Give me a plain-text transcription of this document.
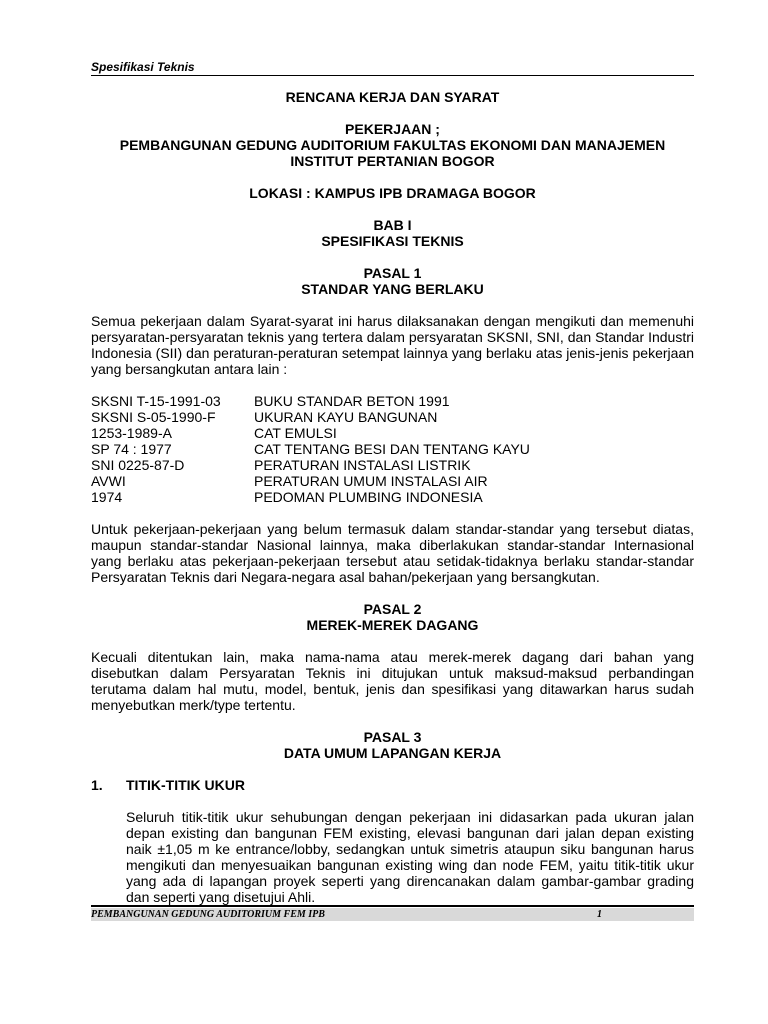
Spesifikasi Teknis

RENCANA KERJA DAN SYARAT

PEKERJAAN ;

PEMBANGUNAN GEDUNG AUDITORIUM FAKULTAS EKONOMI DAN MANAJEMEN

INSTITUT PERTANIAN BOGOR

LOKASI : KAMPUS IPB DRAMAGA BOGOR

BAB I

SPESIFIKASI TEKNIS

PASAL 1

STANDAR YANG BERLAKU

Semua pekerjaan dalam Syarat-syarat ini harus dilaksanakan dengan mengikuti dan memenuhi persyaratan-persyaratan teknis yang tertera dalam persyaratan SKSNI, SNI, dan Standar Industri Indonesia (SII) dan peraturan-peraturan setempat lainnya yang berlaku atas jenis-jenis pekerjaan yang bersangkutan antara lain :

SKSNI T-15-1991-03	BUKU STANDAR BETON 1991
SKSNI S-05-1990-F	UKURAN KAYU BANGUNAN
1253-1989-A	CAT EMULSI
SP 74 : 1977	CAT TENTANG BESI DAN TENTANG KAYU
SNI 0225-87-D	PERATURAN INSTALASI LISTRIK
AVWI	PERATURAN UMUM INSTALASI AIR
1974	PEDOMAN PLUMBING INDONESIA

Untuk pekerjaan-pekerjaan yang belum termasuk dalam standar-standar yang tersebut diatas, maupun standar-standar Nasional lainnya, maka diberlakukan standar-standar Internasional yang berlaku atas pekerjaan-pekerjaan tersebut atau setidak-tidaknya berlaku standar-standar Persyaratan Teknis dari Negara-negara asal bahan/pekerjaan yang bersangkutan.

PASAL 2

MEREK-MEREK DAGANG

Kecuali ditentukan lain, maka nama-nama atau merek-merek dagang dari bahan yang disebutkan dalam Persyaratan Teknis ini ditujukan untuk maksud-maksud perbandingan terutama dalam hal mutu, model, bentuk, jenis dan spesifikasi yang ditawarkan harus sudah menyebutkan merk/type tertentu.

PASAL 3

DATA UMUM LAPANGAN KERJA

1.	TITIK-TITIK UKUR

Seluruh titik-titik ukur sehubungan dengan pekerjaan ini didasarkan pada ukuran jalan depan existing dan bangunan FEM existing, elevasi bangunan dari jalan depan existing naik ±1,05 m ke entrance/lobby, sedangkan untuk simetris ataupun siku bangunan harus mengikuti dan menyesuaikan bangunan existing wing dan node FEM, yaitu titik-titik ukur yang ada di lapangan proyek seperti yang direncanakan dalam gambar-gambar grading dan seperti yang disetujui Ahli.

PEMBANGUNAN GEDUNG AUDITORIUM FEM IPB	1
